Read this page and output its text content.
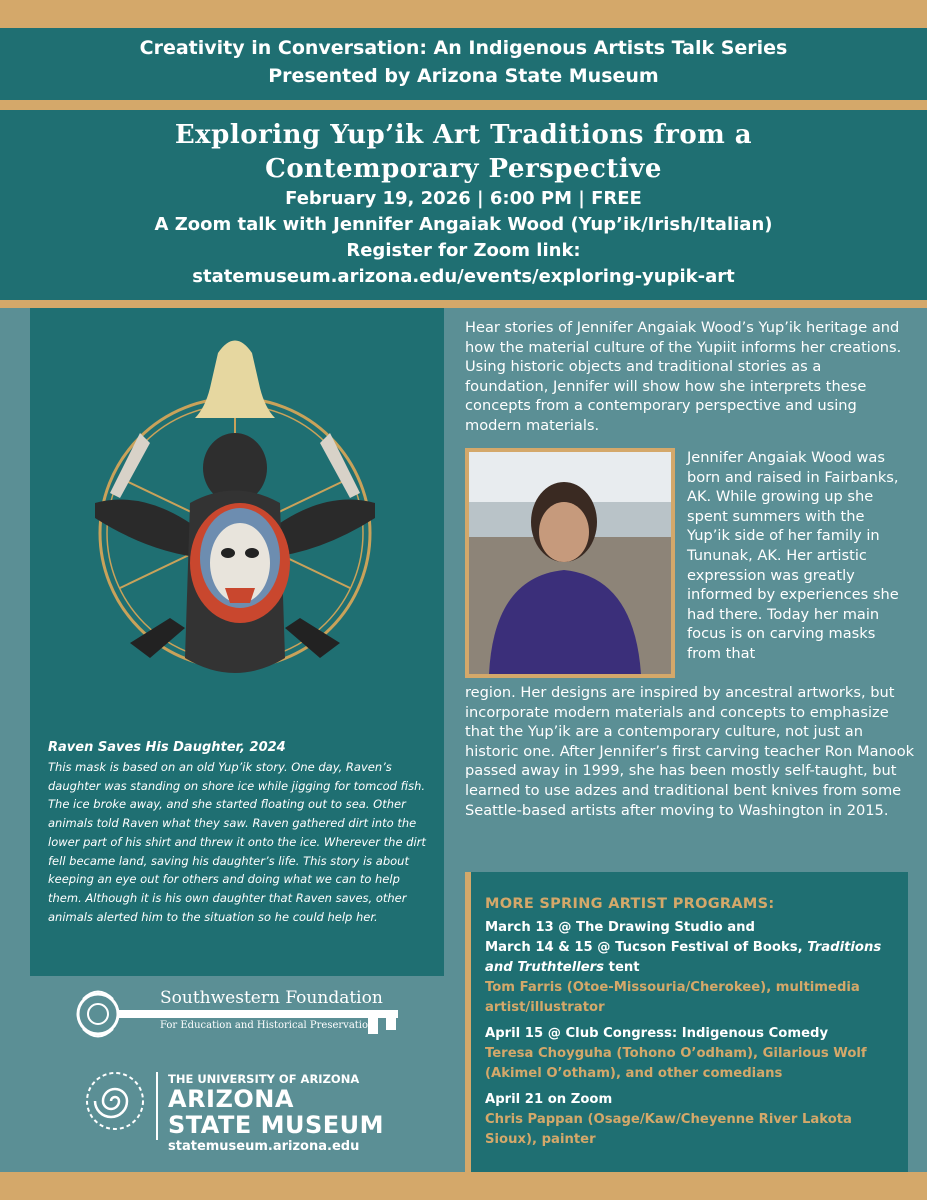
Creativity in Conversation: An Indigenous Artists Talk Series
Presented by Arizona State Museum
Exploring Yup’ik Art Traditions from a Contemporary Perspective
February 19, 2026 | 6:00 PM | FREE
A Zoom talk with Jennifer Angaiak Wood (Yup’ik/Irish/Italian)
Register for Zoom link:
statemuseum.arizona.edu/events/exploring-yupik-art
Raven Saves His Daughter, 2024
This mask is based on an old Yup’ik story. One day, Raven’s daughter was standing on shore ice while jigging for tomcod fish. The ice broke away, and she started floating out to sea. Other animals told Raven what they saw. Raven gathered dirt into the lower part of his shirt and threw it onto the ice. Wherever the dirt fell became land, saving his daughter’s life. This story is about keeping an eye out for others and doing what we can to help them. Although it is his own daughter that Raven saves, other animals alerted him to the situation so he could help her.
Hear stories of Jennifer Angaiak Wood’s Yup’ik heritage and how the material culture of the Yupiit informs her creations. Using historic objects and traditional stories as a foundation, Jennifer will show how she interprets these concepts from a contemporary perspective and using modern materials.
Jennifer Angaiak Wood was born and raised in Fairbanks, AK. While growing up she spent summers with the Yup’ik side of her family in Tununak, AK. Her artistic expression was greatly informed by experiences she had there. Today her main focus is on carving masks from that
region. Her designs are inspired by ancestral artworks, but incorporate modern materials and concepts to emphasize that the Yup’ik are a contemporary culture, not just an historic one. After Jennifer’s first carving teacher Ron Manook passed away in 1999, she has been mostly self-taught, but learned to use adzes and traditional bent knives from some Seattle-based artists after moving to Washington in 2015.
MORE SPRING ARTIST PROGRAMS:
March 13 @ The Drawing Studio and
March 14 & 15 @ Tucson Festival of Books, Traditions and Truthtellers tent
Tom Farris (Otoe-Missouria/Cherokee), multimedia artist/illustrator
April 15 @ Club Congress: Indigenous Comedy
Teresa Choyguha (Tohono O’odham), Gilarious Wolf (Akimel O’otham), and other comedians
April 21 on Zoom
Chris Pappan (Osage/Kaw/Cheyenne River Lakota Sioux), painter
Southwestern Foundation
For Education and Historical Preservation
THE UNIVERSITY OF ARIZONA
ARIZONA
STATE MUSEUM
statemuseum.arizona.edu
